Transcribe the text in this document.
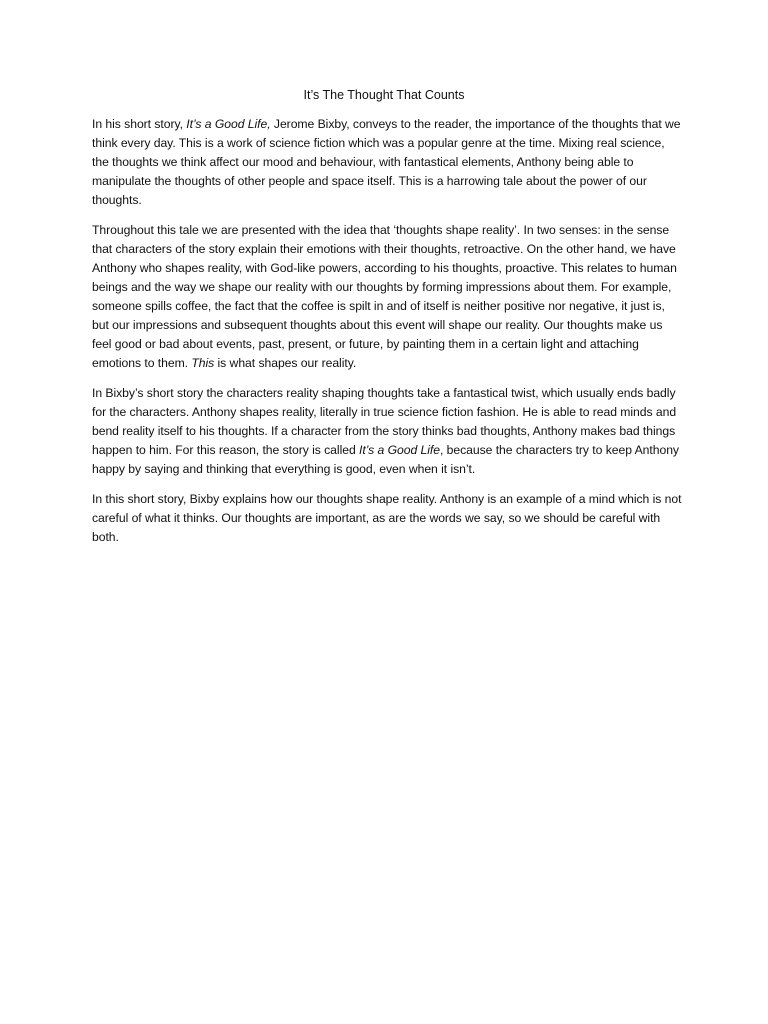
It’s The Thought That Counts

In his short story, It’s a Good Life, Jerome Bixby, conveys to the reader, the importance of the thoughts that we think every day. This is a work of science fiction which was a popular genre at the time. Mixing real science, the thoughts we think affect our mood and behaviour, with fantastical elements, Anthony being able to manipulate the thoughts of other people and space itself. This is a harrowing tale about the power of our thoughts.

Throughout this tale we are presented with the idea that ‘thoughts shape reality’. In two senses: in the sense that characters of the story explain their emotions with their thoughts, retroactive. On the other hand, we have Anthony who shapes reality, with God-like powers, according to his thoughts, proactive. This relates to human beings and the way we shape our reality with our thoughts by forming impressions about them. For example, someone spills coffee, the fact that the coffee is spilt in and of itself is neither positive nor negative, it just is, but our impressions and subsequent thoughts about this event will shape our reality. Our thoughts make us feel good or bad about events, past, present, or future, by painting them in a certain light and attaching emotions to them. This is what shapes our reality.

In Bixby’s short story the characters reality shaping thoughts take a fantastical twist, which usually ends badly for the characters. Anthony shapes reality, literally in true science fiction fashion. He is able to read minds and bend reality itself to his thoughts. If a character from the story thinks bad thoughts, Anthony makes bad things happen to him. For this reason, the story is called It’s a Good Life, because the characters try to keep Anthony happy by saying and thinking that everything is good, even when it isn’t.

In this short story, Bixby explains how our thoughts shape reality. Anthony is an example of a mind which is not careful of what it thinks. Our thoughts are important, as are the words we say, so we should be careful with both.
